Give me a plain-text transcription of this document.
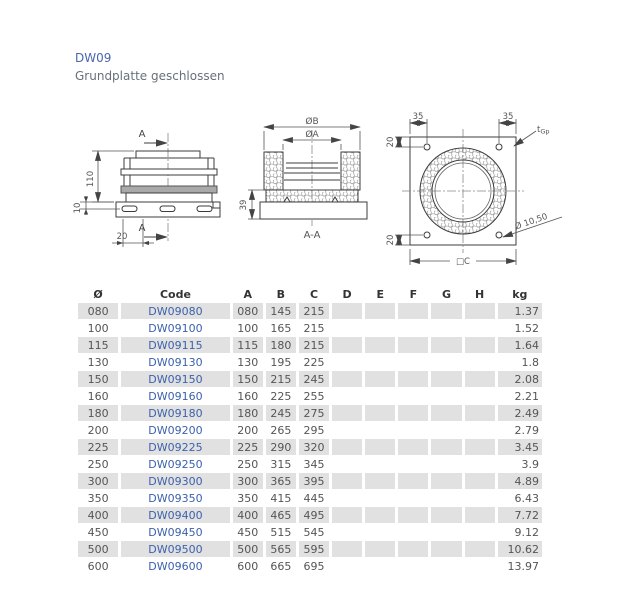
DW09
Grundplatte geschlossen
A
110
10
20
A
ØB
ØA
39
A-A
35	35
20
20
tGp
Ø 10,50
□C
Ø	Code	A	B	C	D	E	F	G	H	kg
080	DW09080	080	145	215						1.37
100	DW09100	100	165	215						1.52
115	DW09115	115	180	215						1.64
130	DW09130	130	195	225						1.8
150	DW09150	150	215	245						2.08
160	DW09160	160	225	255						2.21
180	DW09180	180	245	275						2.49
200	DW09200	200	265	295						2.79
225	DW09225	225	290	320						3.45
250	DW09250	250	315	345						3.9
300	DW09300	300	365	395						4.89
350	DW09350	350	415	445						6.43
400	DW09400	400	465	495						7.72
450	DW09450	450	515	545						9.12
500	DW09500	500	565	595						10.62
600	DW09600	600	665	695						13.97
